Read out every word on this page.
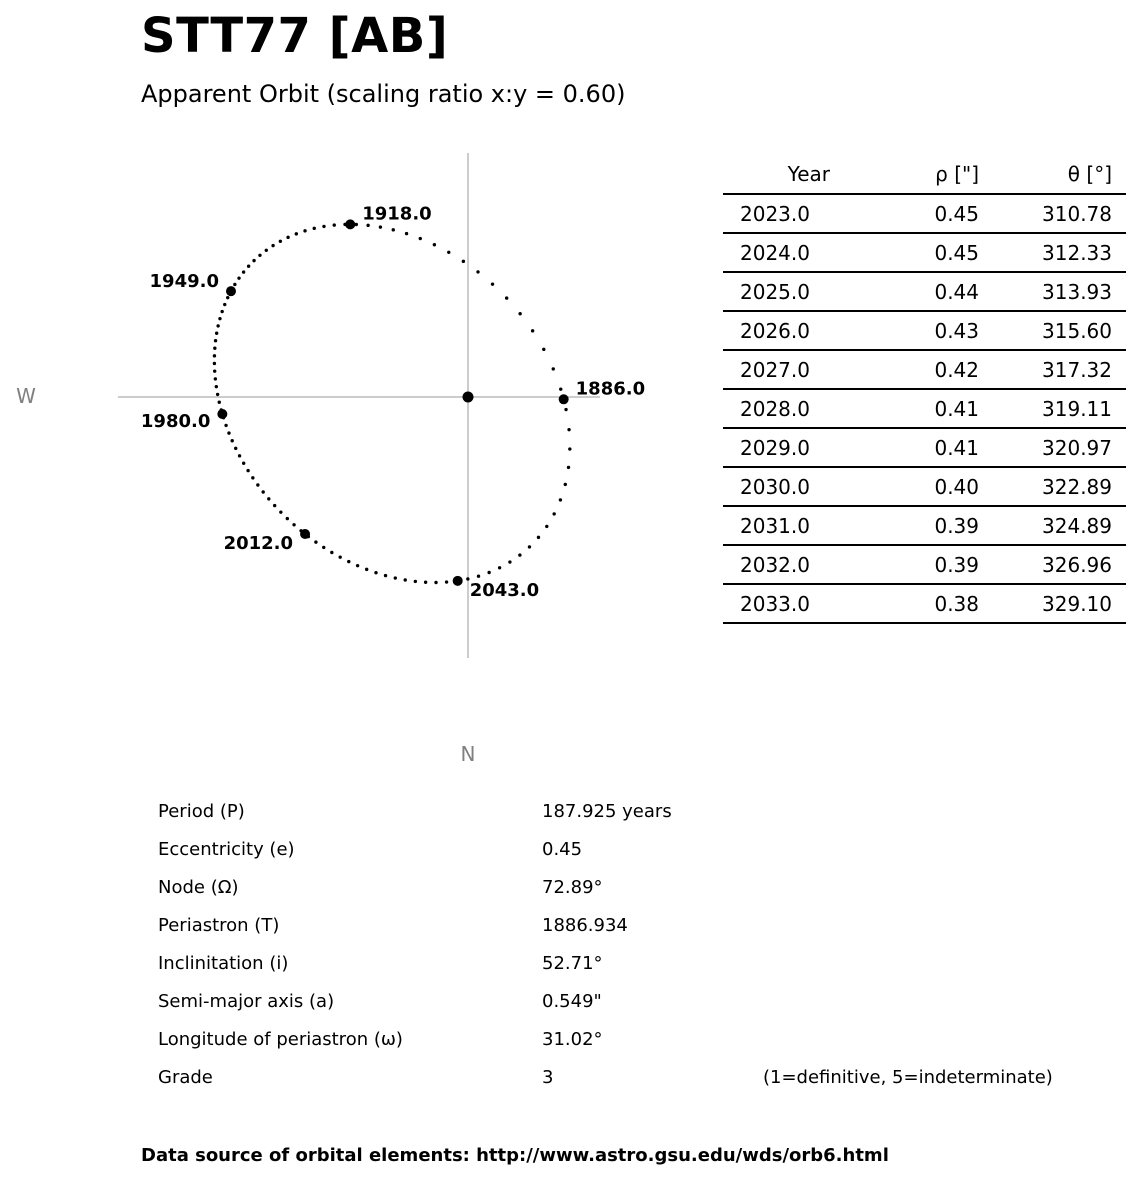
STT77 [AB]
Apparent Orbit (scaling ratio x:y = 0.60)
1886.0
1918.0
1949.0
1980.0
2012.0
2043.0
W
N
Year	ρ ["]	θ [°]
2023.0	0.45	310.78
2024.0	0.45	312.33
2025.0	0.44	313.93
2026.0	0.43	315.60
2027.0	0.42	317.32
2028.0	0.41	319.11
2029.0	0.41	320.97
2030.0	0.40	322.89
2031.0	0.39	324.89
2032.0	0.39	326.96
2033.0	0.38	329.10
Period (P)	187.925 years
Eccentricity (e)	0.45
Node (Ω)	72.89°
Periastron (T)	1886.934
Inclinitation (i)	52.71°
Semi-major axis (a)	0.549"
Longitude of periastron (ω)	31.02°
Grade	3	(1=definitive, 5=indeterminate)
Data source of orbital elements: http://www.astro.gsu.edu/wds/orb6.html
